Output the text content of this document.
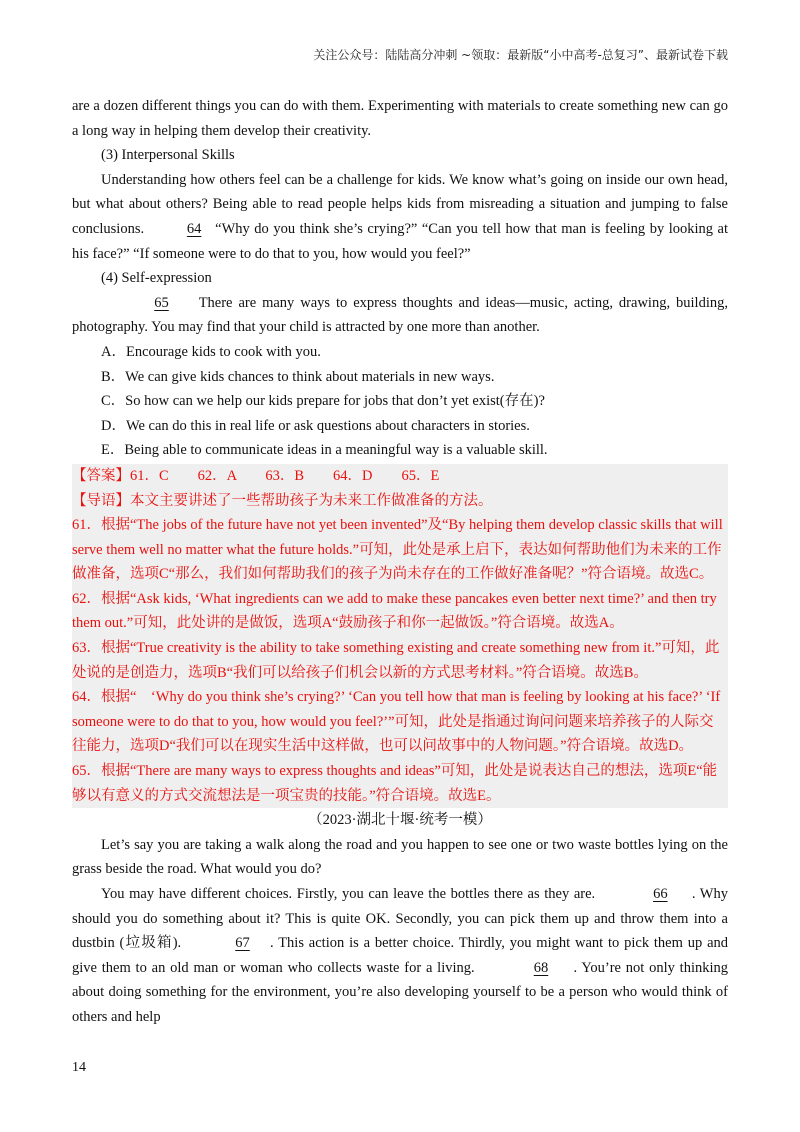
关注公众号：陆陆高分冲刺 ~领取：最新版“小中高考-总复习”、最新试卷下载

are a dozen different things you can do with them. Experimenting with materials to create something new can go a long way in helping them develop their creativity.

(3) Interpersonal Skills

Understanding how others feel can be a challenge for kids. We know what’s going on inside our own head, but what about others? Being able to read people helps kids from misreading a situation and jumping to false conclusions.	64 “Why do you think she’s crying?” “Can you tell how that man is feeling by looking at his face?” “If someone were to do that to you, how would you feel?”

(4) Self-expression

65 There are many ways to express thoughts and ideas—music, acting, drawing, building, photography. You may find that your child is attracted by one more than another.

A．Encourage kids to cook with you.

B．We can give kids chances to think about materials in new ways.

C．So how can we help our kids prepare for jobs that don’t yet exist(存在)?

D．We can do this in real life or ask questions about characters in stories.

E．Being able to communicate ideas in a meaningful way is a valuable skill.

【答案】61．C　　62．A　　63．B　　64．D　　65．E

【导语】本文主要讲述了一些帮助孩子为未来工作做准备的方法。

61．根据“The jobs of the future have not yet been invented”及“By helping them develop classic skills that will serve them well no matter what the future holds.”可知，此处是承上启下，表达如何帮助他们为未来的工作做准备，选项C“那么，我们如何帮助我们的孩子为尚未存在的工作做好准备呢？”符合语境。故选C。

62．根据“Ask kids, ‘What ingredients can we add to make these pancakes even better next time?’ and then try them out.”可知，此处讲的是做饭，选项A“鼓励孩子和你一起做饭。”符合语境。故选A。

63．根据“True creativity is the ability to take something existing and create something new from it.”可知，此处说的是创造力，选项B“我们可以给孩子们机会以新的方式思考材料。”符合语境。故选B。

64．根据“　‘Why do you think she’s crying?’ ‘Can you tell how that man is feeling by looking at his face?’ ‘If someone were to do that to you, how would you feel?’”可知，此处是指通过询问问题来培养孩子的人际交往能力，选项D“我们可以在现实生活中这样做，也可以问故事中的人物问题。”符合语境。故选D。

65．根据“There are many ways to express thoughts and ideas”可知，此处是说表达自己的想法，选项E“能够以有意义的方式交流想法是一项宝贵的技能。”符合语境。故选E。

（2023·湖北十堰·统考一模）

Let’s say you are taking a walk along the road and you happen to see one or two waste bottles lying on the grass beside the road. What would you do?

You may have different choices. Firstly, you can leave the bottles there as they are.	66 . Why should you do something about it? This is quite OK. Secondly, you can pick them up and throw them into a dustbin (垃圾箱).	67 . This action is a better choice. Thirdly, you might want to pick them up and give them to an old man or woman who collects waste for a living.	68 . You’re not only thinking about doing something for the environment, you’re also developing yourself to be a person who would think of others and help

14
